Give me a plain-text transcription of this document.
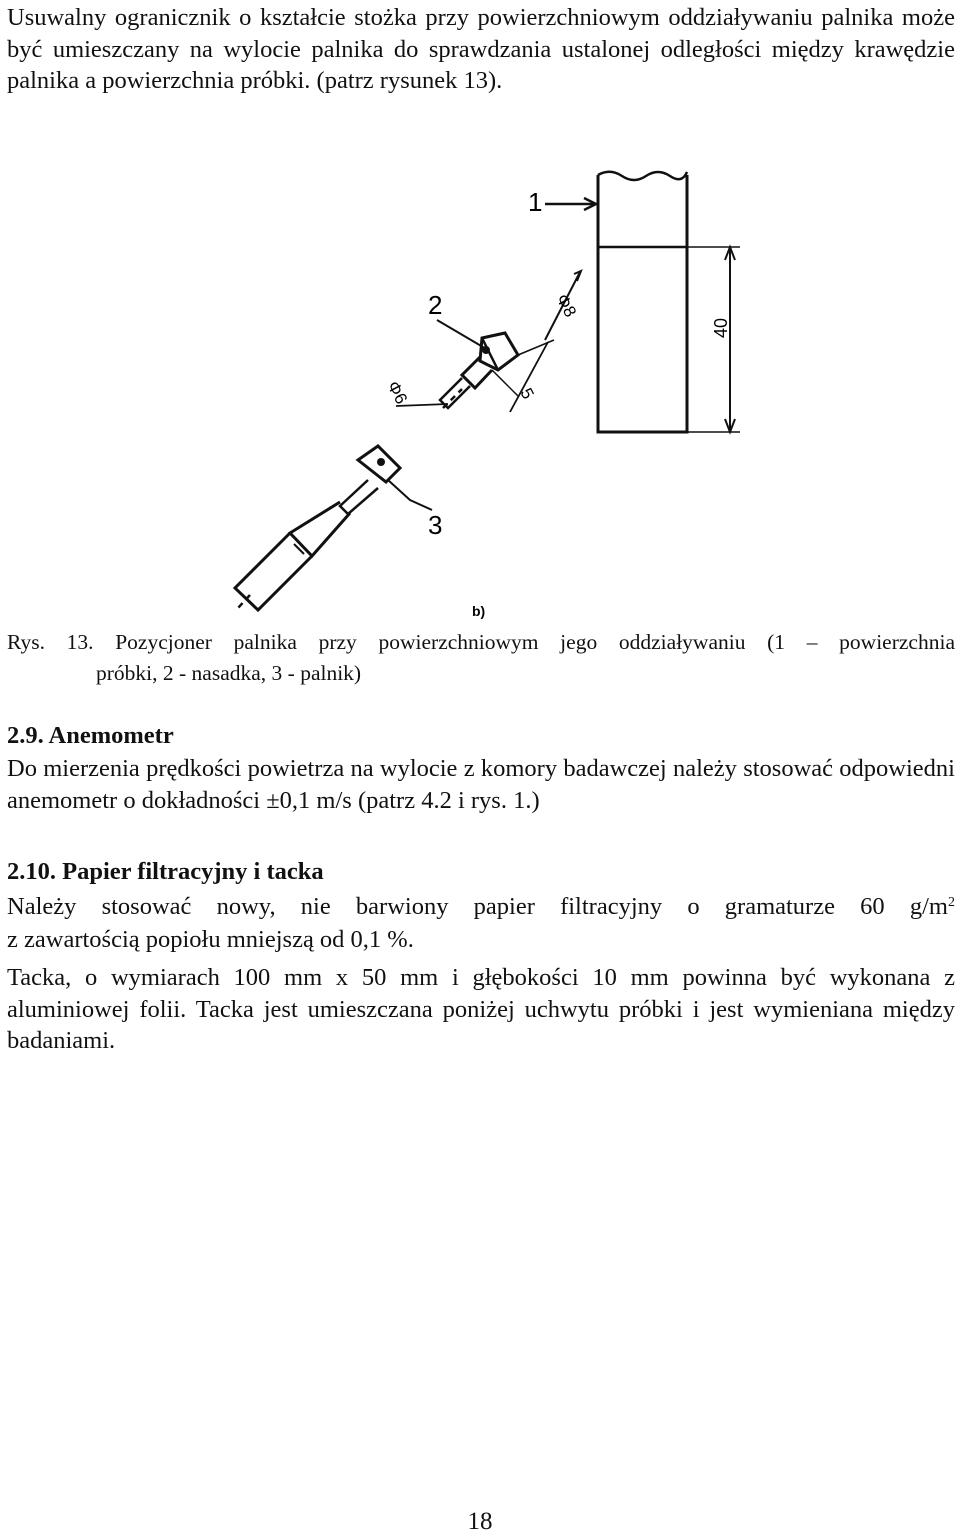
Usuwalny ogranicznik o kształcie stożka przy powierzchniowym oddziaływaniu palnika może być umieszczany na wylocie palnika do sprawdzania ustalonej odległości między krawędzie palnika a powierzchnia próbki. (patrz rysunek 13).

1
2
3
b)
40
Φ8
5
Φ6
Rys. 13. Pozycjoner palnika przy powierzchniowym jego oddziaływaniu (1 – powierzchnia
próbki, 2 - nasadka, 3 - palnik)
2.9. Anemometr

Do mierzenia prędkości powietrza na wylocie z komory badawczej należy stosować odpowiedni anemometr o dokładności ±0,1 m/s (patrz 4.2 i rys. 1.)

2.10. Papier filtracyjny i tacka

Należy stosować nowy, nie barwiony papier filtracyjny o gramaturze 60 $g/m^2$

z zawartością popiołu mniejszą od 0,1 %.

Tacka, o wymiarach 100 mm x 50 mm i głębokości 10 mm powinna być wykonana z aluminiowej folii. Tacka jest umieszczana poniżej uchwytu próbki i jest wymieniana między badaniami.

18
